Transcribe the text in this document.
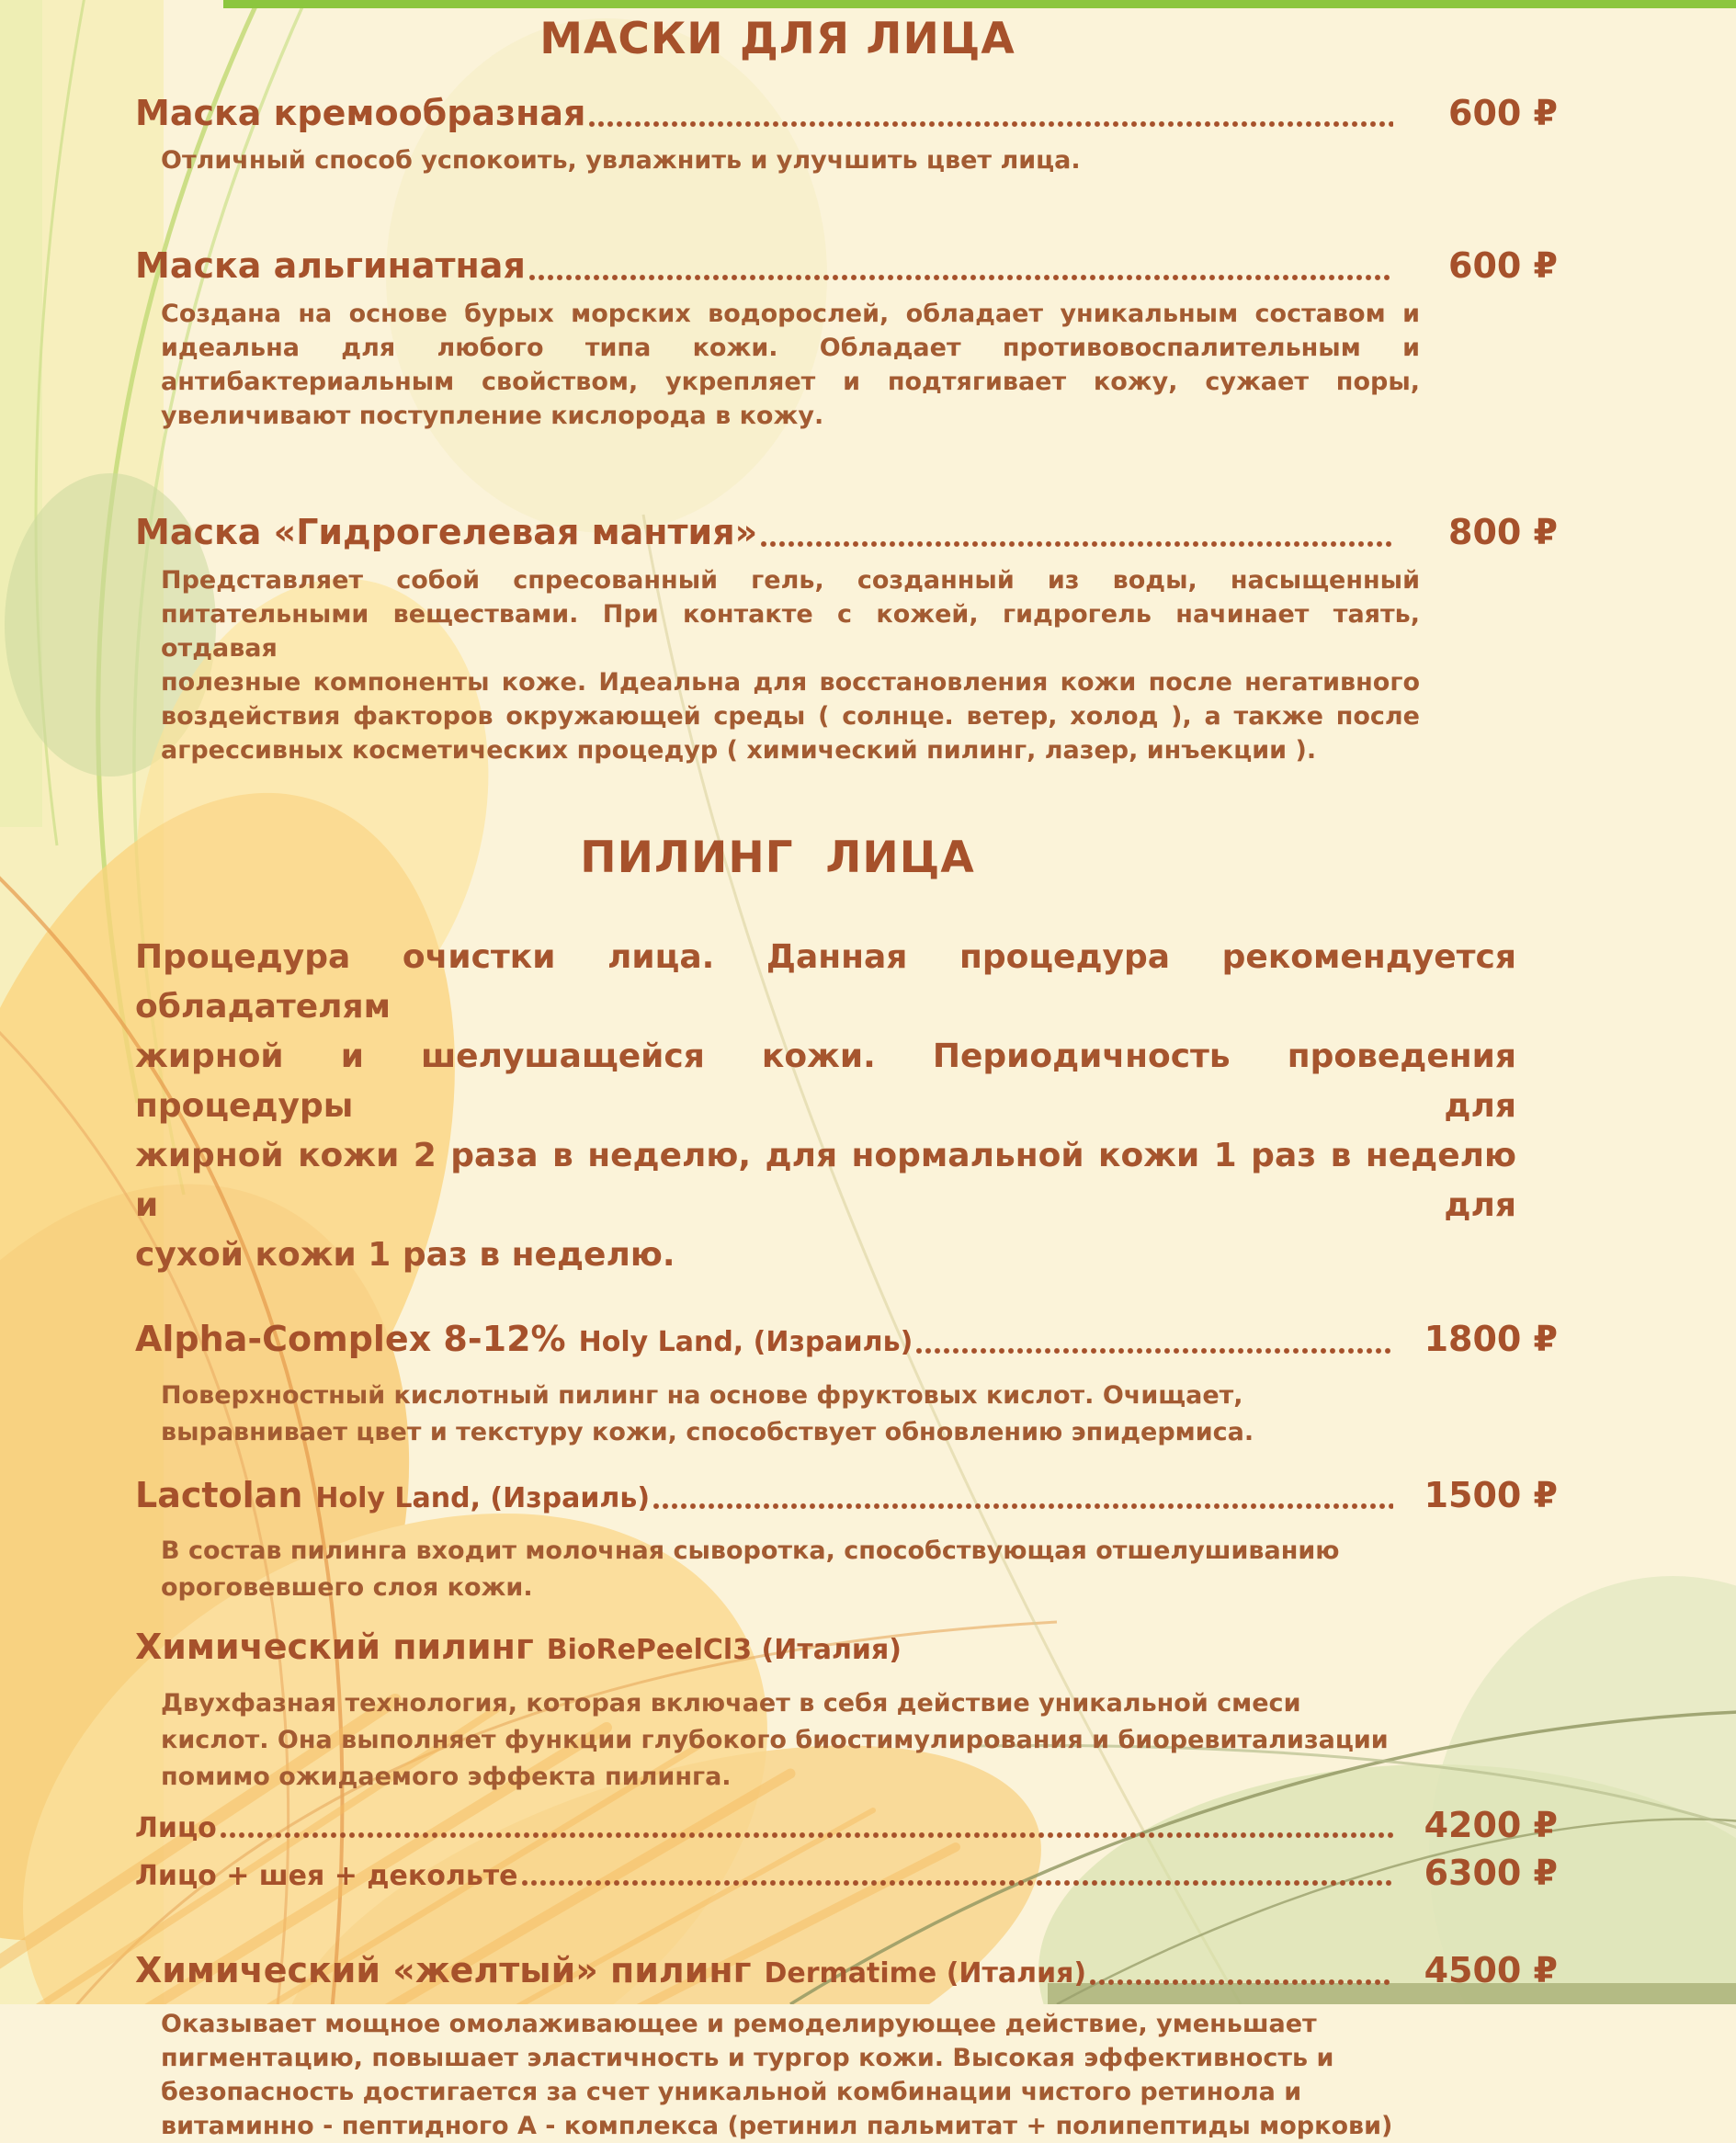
МАСКИ ДЛЯ ЛИЦА
Маска кремообразная	600 ₽
Отличный способ успокоить, увлажнить и улучшить цвет лица.
Маска альгинатная	600 ₽
Создана на основе бурых морских водорослей, обладает уникальным составом и
идеальна для любого типа кожи. Обладает противовоспалительным и
антибактериальным свойством, укрепляет и подтягивает кожу, сужает поры,
увеличивают поступление кислорода в кожу.
Маска «Гидрогелевая мантия»	800 ₽
Представляет собой спресованный гель, созданный из воды, насыщенный
питательными веществами. При контакте с кожей, гидрогель начинает таять, отдавая
полезные компоненты коже. Идеальна для восстановления кожи после негативного
воздействия факторов окружающей среды ( солнце. ветер, холод ), а также после
агрессивных косметических процедур ( химический пилинг, лазер, инъекции ).
ПИЛИНГ  ЛИЦА
Процедура очистки лица. Данная процедура рекомендуется обладателям
жирной и шелушащейся кожи. Периодичность проведения процедуры для
жирной кожи 2 раза в неделю, для нормальной кожи 1 раз в неделю и для
сухой кожи 1 раз в неделю.
Alpha-Complex 8-12% Holy Land, (Израиль)	1800 ₽
Поверхностный кислотный пилинг на основе фруктовых кислот. Очищает,
выравнивает цвет и текстуру кожи, способствует обновлению эпидермиса.
Lactolan Holy Land, (Израиль)	1500 ₽
В состав пилинга входит молочная сыворотка, способствующая отшелушиванию
ороговевшего слоя кожи.
Химический пилинг BioRePeelCl3 (Италия)
Двухфазная технология, которая включает в себя действие уникальной смеси
кислот. Она выполняет функции глубокого биостимулирования и биоревитализации
помимо ожидаемого эффекта пилинга.
Лицо	4200 ₽
Лицо + шея + декольте	6300 ₽
Химический «желтый» пилинг Dermatime (Италия)	4500 ₽
Оказывает мощное омолаживающее и ремоделирующее действие, уменьшает
пигментацию, повышает эластичность и тургор кожи. Высокая эффективность и
безопасность достигается за счет уникальной комбинации чистого ретинола и
витаминно - пептидного А - комплекса (ретинил пальмитат + полипептиды моркови)
